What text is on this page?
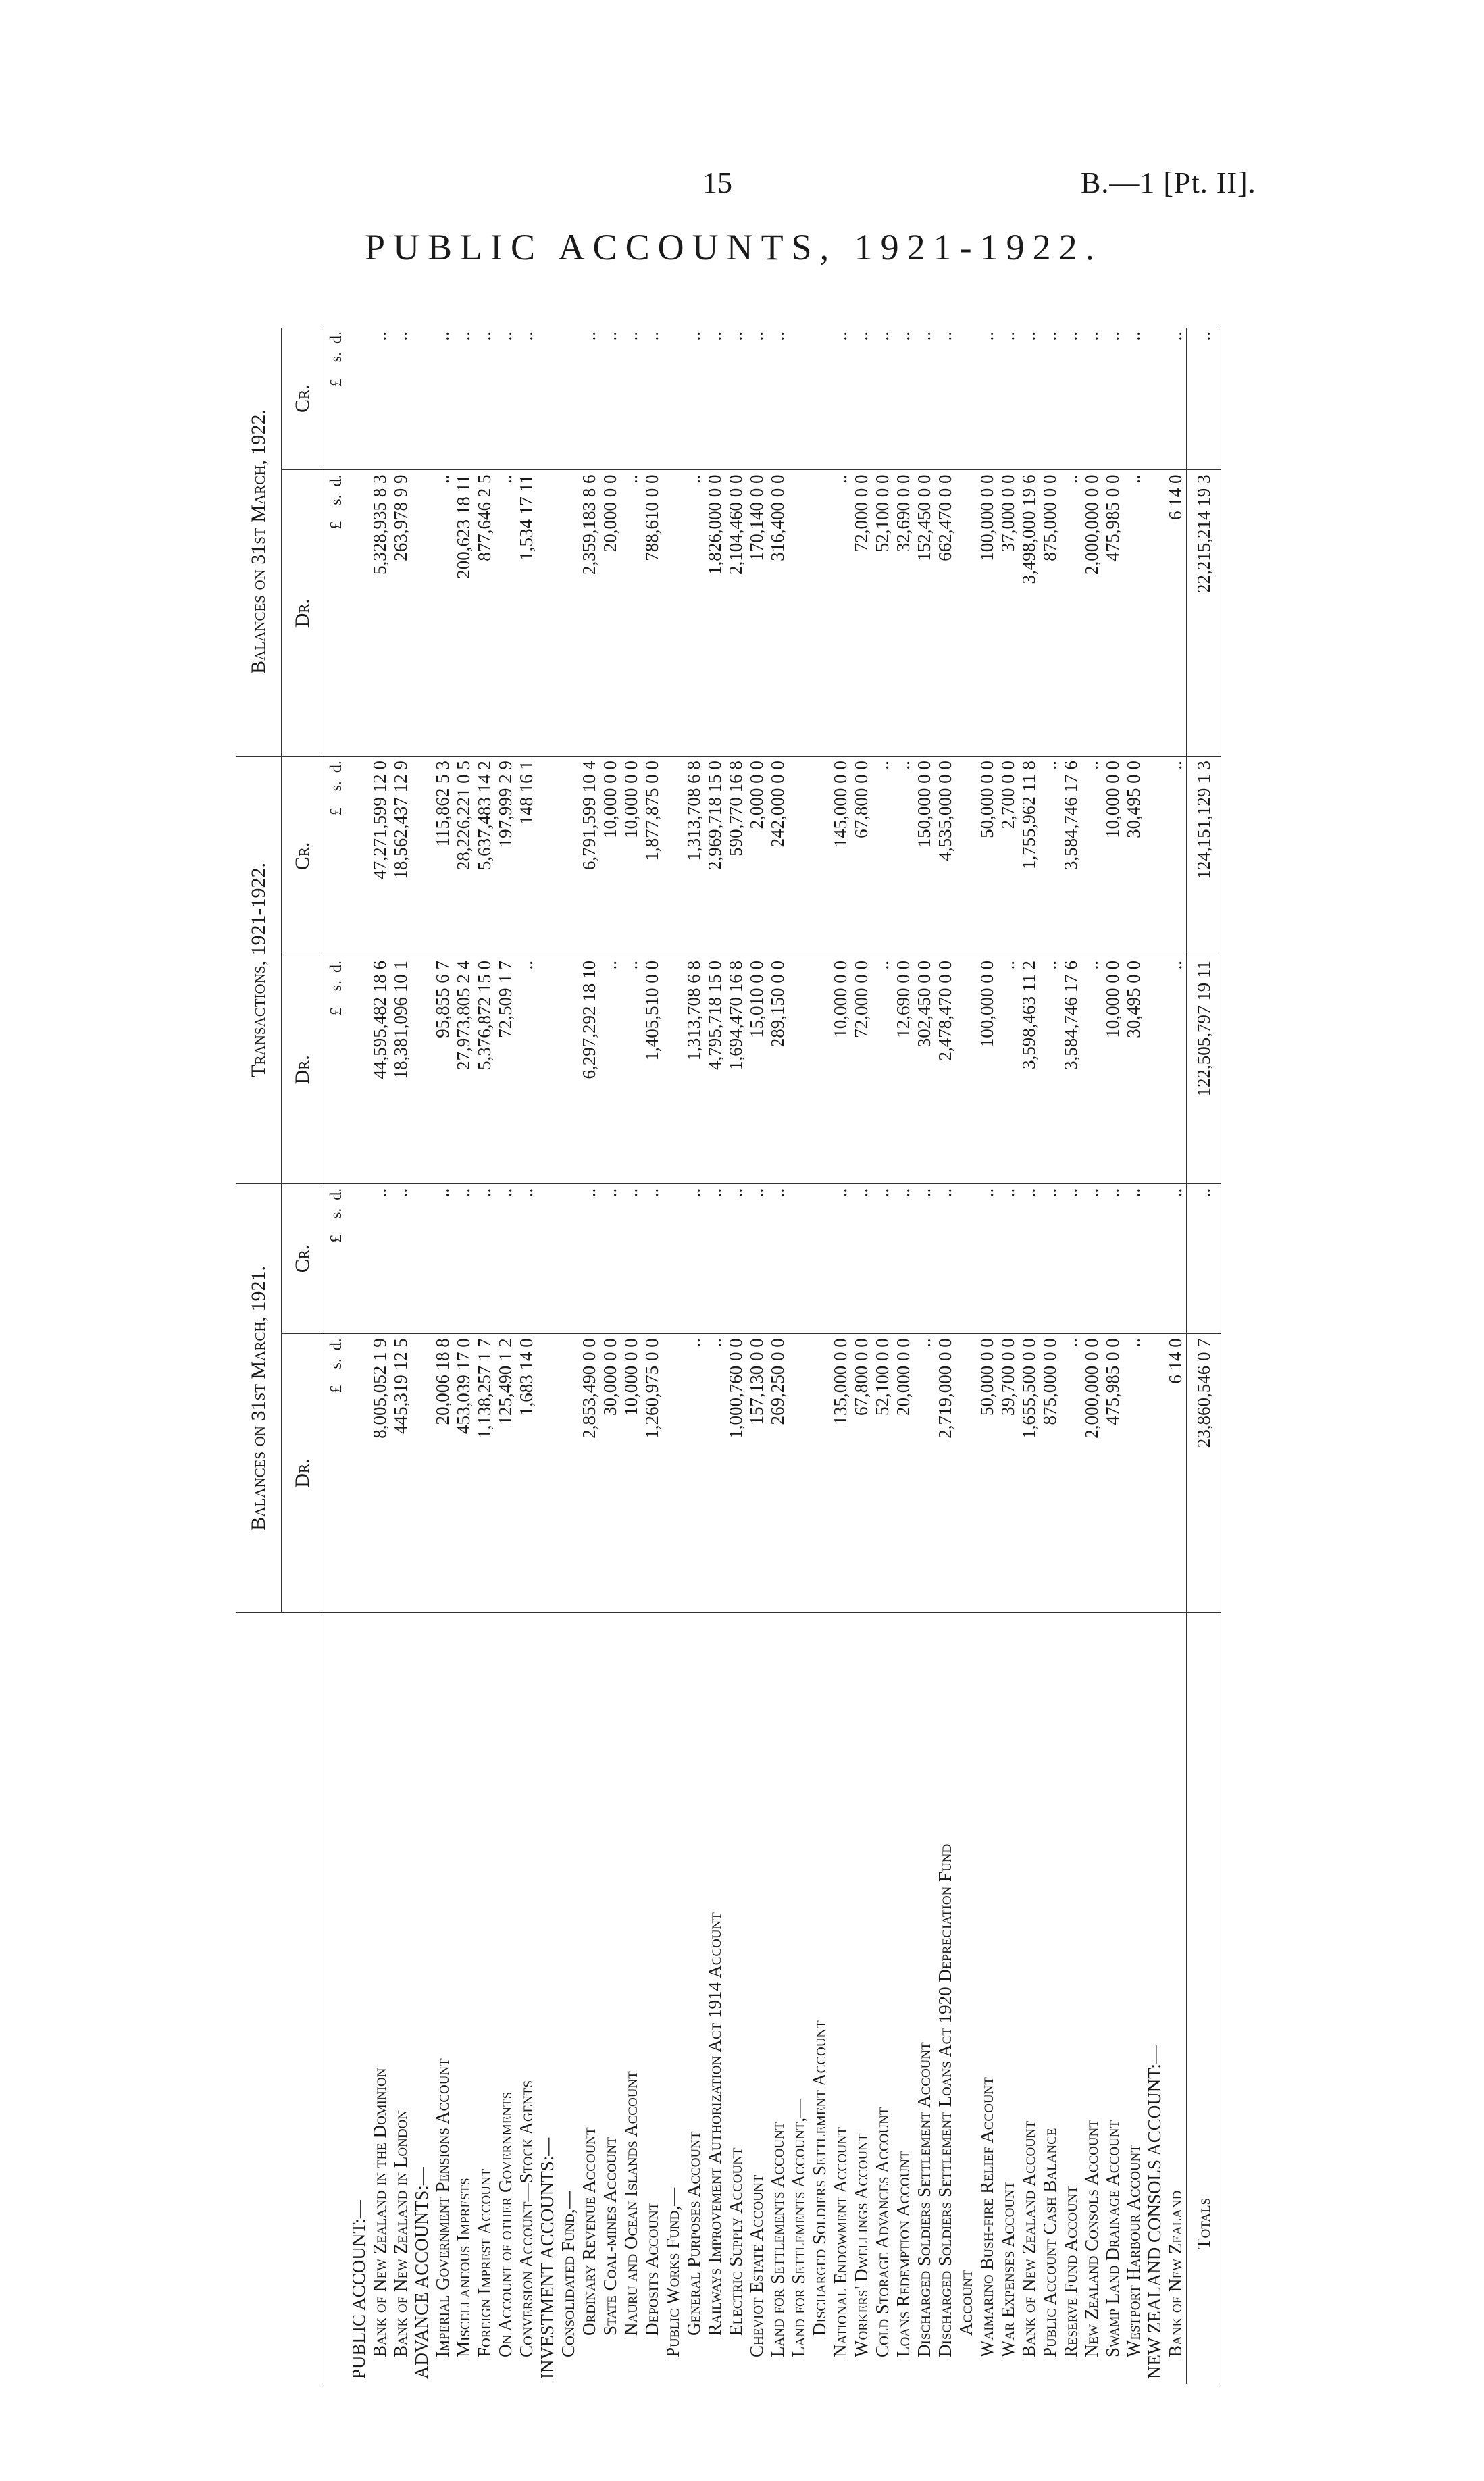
15	B.—1 [Pt. II].
PUBLIC ACCOUNTS, 1921-1922.
	Balances on 31st March, 1921.		Transactions, 1921-1922.		Balances on 31st March, 1922.	
	Dr.	Cr.	Dr.	Cr.	Dr.	Cr.
	£    s.  d.	£    s.  d.	£    s.  d.	£    s.  d.	£    s.  d.	£    s.  d.
PUBLIC ACCOUNT:—						
Bank of New Zealand in the Dominion	8,005,052 1 9	..	44,595,482 18 6	47,271,599 12 0	5,328,935 8 3	..
Bank of New Zealand in London	445,319 12 5	..	18,381,096 10 1	18,562,437 12 9	263,978 9 9	..
ADVANCE ACCOUNTS:—						
Imperial Government Pensions Account	20,006 18 8	..	95,855 6 7	115,862 5 3	..	..
Miscellaneous Imprests	453,039 17 0	..	27,973,805 2 4	28,226,221 0 5	200,623 18 11	..
Foreign Imprest Account	1,138,257 1 7	..	5,376,872 15 0	5,637,483 14 2	877,646 2 5	..
On Account of other Governments	125,490 1 2	..	72,509 1 7	197,999 2 9	..	..
Conversion Account—Stock Agents	1,683 14 0	..	..	148 16 1	1,534 17 11	..
INVESTMENT ACCOUNTS:—						
Consolidated Fund,—						
Ordinary Revenue Account	2,853,490 0 0	..	6,297,292 18 10	6,791,599 10 4	2,359,183 8 6	..
State Coal-mines Account	30,000 0 0	..	..	10,000 0 0	20,000 0 0	..
Nauru and Ocean Islands Account	10,000 0 0	..	..	10,000 0 0	..	..
Deposits Account	1,260,975 0 0	..	1,405,510 0 0	1,877,875 0 0	788,610 0 0	..
Public Works Fund,—						
General Purposes Account	..	..	1,313,708 6 8	1,313,708 6 8	..	..
Railways Improvement Authorization Act 1914 Account	..	..	4,795,718 15 0	2,969,718 15 0	1,826,000 0 0	..
Electric Supply Account	1,000,760 0 0	..	1,694,470 16 8	590,770 16 8	2,104,460 0 0	..
Cheviot Estate Account	157,130 0 0	..	15,010 0 0	2,000 0 0	170,140 0 0	..
Land for Settlements Account	269,250 0 0	..	289,150 0 0	242,000 0 0	316,400 0 0	..
Land for Settlements Account,—						
Discharged Soldiers Settlement Account						
National Endowment Account	135,000 0 0	..	10,000 0 0	145,000 0 0	..	..
Workers' Dwellings Account	67,800 0 0	..	72,000 0 0	67,800 0 0	72,000 0 0	..
Cold Storage Advances Account	52,100 0 0	..	..	..	52,100 0 0	..
Loans Redemption Account	20,000 0 0	..	12,690 0 0	..	32,690 0 0	..
Discharged Soldiers Settlement Account	..	..	302,450 0 0	150,000 0 0	152,450 0 0	..
Discharged Soldiers Settlement Loans Act 1920 Depreciation Fund	2,719,000 0 0	..	2,478,470 0 0	4,535,000 0 0	662,470 0 0	..
Account						
Waimarino Bush-fire Relief Account	50,000 0 0	..	100,000 0 0	50,000 0 0	100,000 0 0	..
War Expenses Account	39,700 0 0	..	..	2,700 0 0	37,000 0 0	..
Bank of New Zealand Account	1,655,500 0 0	..	3,598,463 11 2	1,755,962 11 8	3,498,000 19 6	..
Public Account Cash Balance	875,000 0 0	..	..	..	875,000 0 0	..
Reserve Fund Account	..	..	3,584,746 17 6	3,584,746 17 6	..	..
New Zealand Consols Account	2,000,000 0 0	..	..	..	2,000,000 0 0	..
Swamp Land Drainage Account	475,985 0 0	..	10,000 0 0	10,000 0 0	475,985 0 0	..
Westport Harbour Account	..	..	30,495 0 0	30,495 0 0	..	..
NEW ZEALAND CONSOLS ACCOUNT:—						
Bank of New Zealand	6 14 0	..	..	..	6 14 0	..
Totals	23,860,546 0 7	..	122,505,797 19 11	124,151,129 1 3	22,215,214 19 3	..
